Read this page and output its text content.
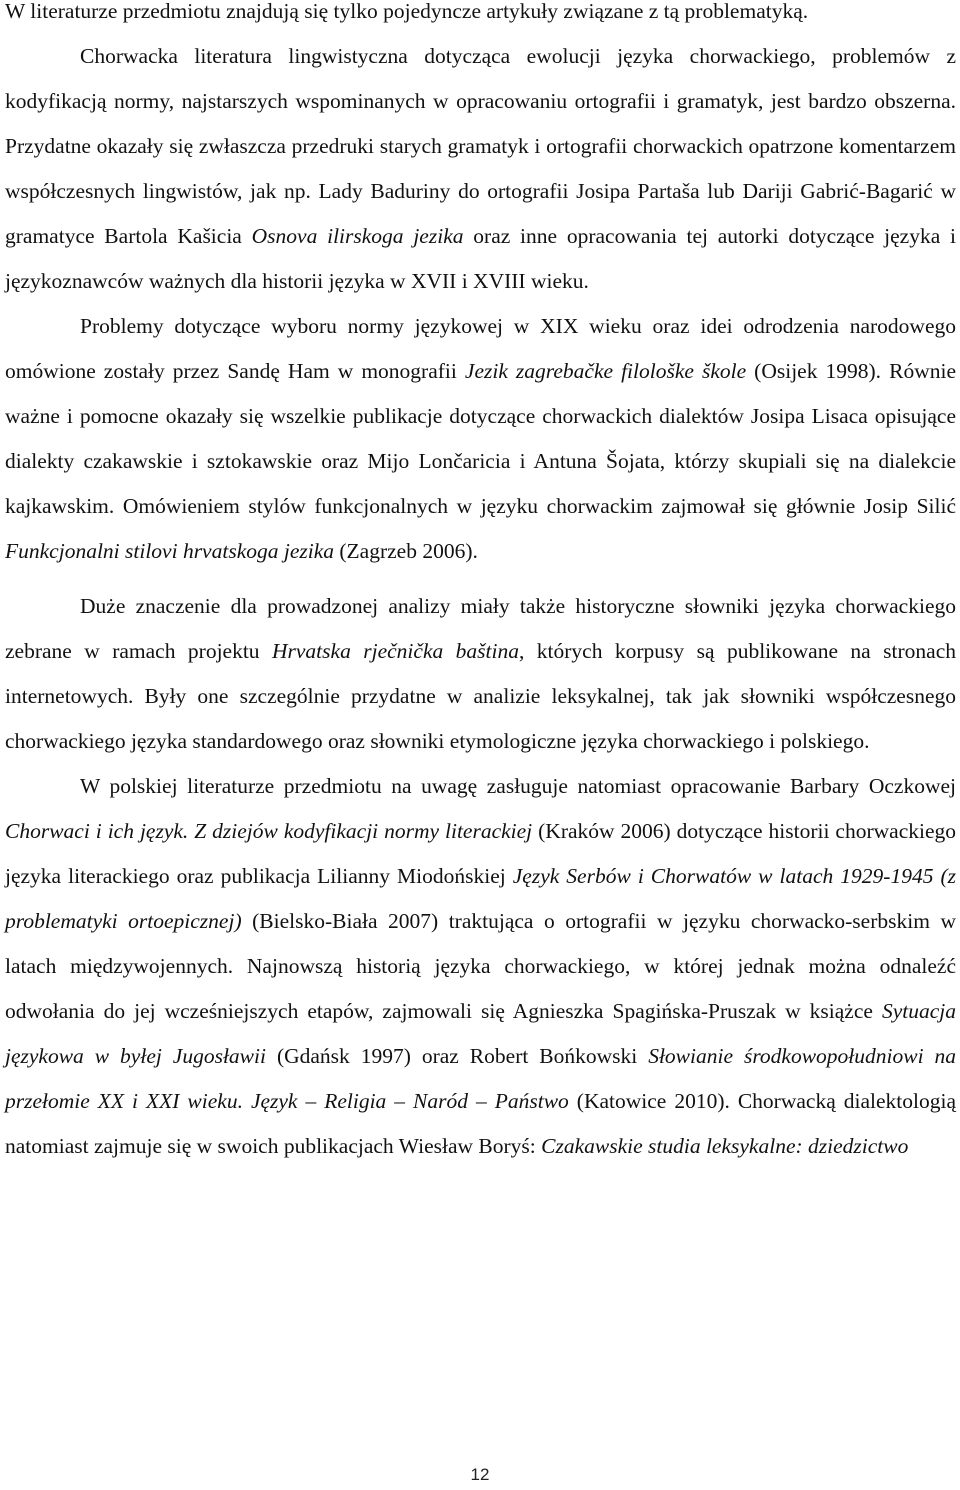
W literaturze przedmiotu znajdują się tylko pojedyncze artykuły związane z tą problematyką.

Chorwacka literatura lingwistyczna dotycząca ewolucji języka chorwackiego, problemów z kodyfikacją normy, najstarszych wspominanych w opracowaniu ortografii i gramatyk, jest bardzo obszerna. Przydatne okazały się zwłaszcza przedruki starych gramatyk i ortografii chorwackich opatrzone komentarzem współczesnych lingwistów, jak np. Lady Baduriny do ortografii Josipa Partaša lub Dariji Gabrić-Bagarić w gramatyce Bartola Kašicia Osnova ilirskoga jezika oraz inne opracowania tej autorki dotyczące języka i językoznawców ważnych dla historii języka w XVII i XVIII wieku.

Problemy dotyczące wyboru normy językowej w XIX wieku oraz idei odrodzenia narodowego omówione zostały przez Sandę Ham w monografii Jezik zagrebačke filološke škole (Osijek 1998). Równie ważne i pomocne okazały się wszelkie publikacje dotyczące chorwackich dialektów Josipa Lisaca opisujące dialekty czakawskie i sztokawskie oraz Mijo Lončaricia i Antuna Šojata, którzy skupiali się na dialekcie kajkawskim. Omówieniem stylów funkcjonalnych w języku chorwackim zajmował się głównie Josip Silić Funkcjonalni stilovi hrvatskoga jezika (Zagrzeb 2006).

Duże znaczenie dla prowadzonej analizy miały także historyczne słowniki języka chorwackiego zebrane w ramach projektu Hrvatska rječnička baština, których korpusy są publikowane na stronach internetowych. Były one szczególnie przydatne w analizie leksykalnej, tak jak słowniki współczesnego chorwackiego języka standardowego oraz słowniki etymologiczne języka chorwackiego i polskiego.

W polskiej literaturze przedmiotu na uwagę zasługuje natomiast opracowanie Barbary Oczkowej Chorwaci i ich język. Z dziejów kodyfikacji normy literackiej (Kraków 2006) dotyczące historii chorwackiego języka literackiego oraz publikacja Lilianny Miodońskiej Język Serbów i Chorwatów w latach 1929-1945 (z problematyki ortoepicznej) (Bielsko-Biała 2007) traktująca o ortografii w języku chorwacko-serbskim w latach międzywojennych. Najnowszą historią języka chorwackiego, w której jednak można odnaleźć odwołania do jej wcześniejszych etapów, zajmowali się Agnieszka Spagińska-Pruszak w książce Sytuacja językowa w byłej Jugosławii (Gdańsk 1997) oraz Robert Bońkowski Słowianie środkowopołudniowi na przełomie XX i XXI wieku. Język – Religia – Naród – Państwo (Katowice 2010). Chorwacką dialektologią natomiast zajmuje się w swoich publikacjach Wiesław Boryś: Czakawskie studia leksykalne: dziedzictwo

12
